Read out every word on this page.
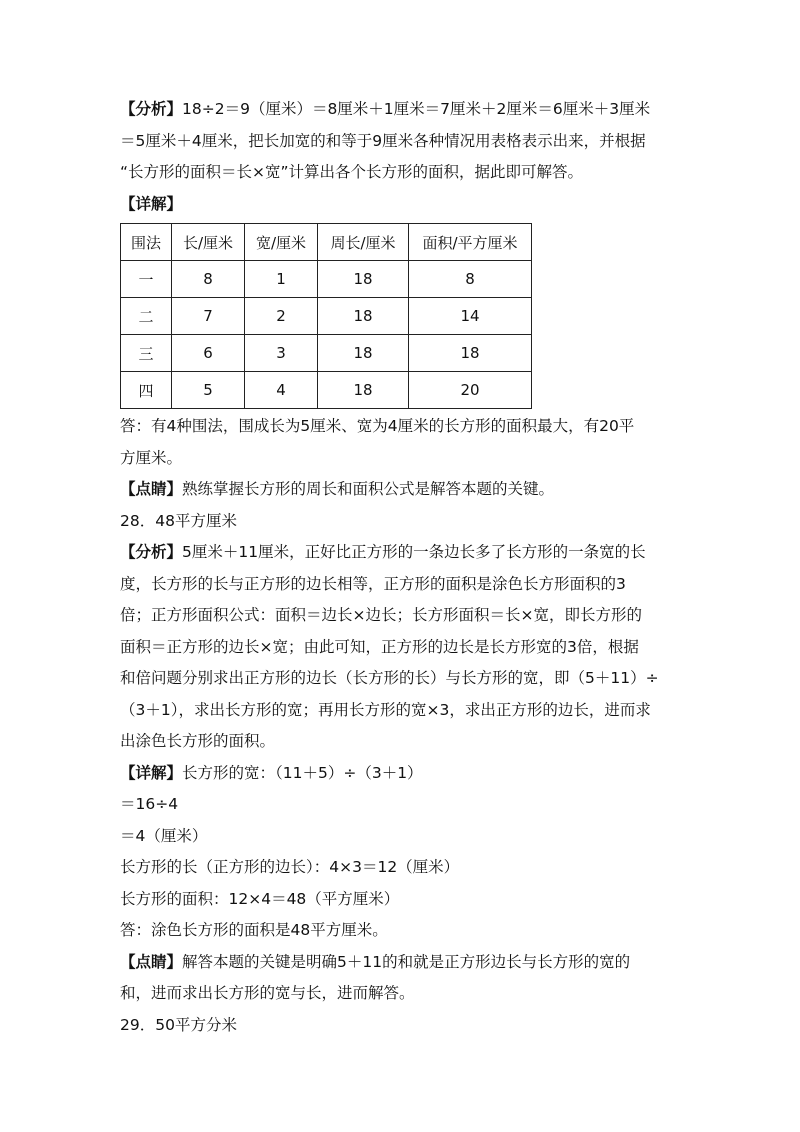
【分析】18÷2＝9（厘米）＝8厘米＋1厘米＝7厘米＋2厘米＝6厘米＋3厘米
＝5厘米＋4厘米，把长加宽的和等于9厘米各种情况用表格表示出来，并根据
“长方形的面积＝长×宽”计算出各个长方形的面积，据此即可解答。
【详解】
围法	长/厘米	宽/厘米	周长/厘米	面积/平方厘米
一	8	1	18	8
二	7	2	18	14
三	6	3	18	18
四	5	4	18	20
答：有4种围法，围成长为5厘米、宽为4厘米的长方形的面积最大，有20平
方厘米。
【点睛】熟练掌握长方形的周长和面积公式是解答本题的关键。
28．48平方厘米
【分析】5厘米＋11厘米，正好比正方形的一条边长多了长方形的一条宽的长
度，长方形的长与正方形的边长相等，正方形的面积是涂色长方形面积的3
倍；正方形面积公式：面积＝边长×边长；长方形面积＝长×宽，即长方形的
面积＝正方形的边长×宽；由此可知，正方形的边长是长方形宽的3倍，根据
和倍问题分别求出正方形的边长（长方形的长）与长方形的宽，即（5＋11）÷
（3＋1），求出长方形的宽；再用长方形的宽×3，求出正方形的边长，进而求
出涂色长方形的面积。
【详解】长方形的宽：（11＋5）÷（3＋1）
＝16÷4
＝4（厘米）
长方形的长（正方形的边长）：4×3＝12（厘米）
长方形的面积：12×4＝48（平方厘米）
答：涂色长方形的面积是48平方厘米。
【点睛】解答本题的关键是明确5＋11的和就是正方形边长与长方形的宽的
和，进而求出长方形的宽与长，进而解答。
29．50平方分米
